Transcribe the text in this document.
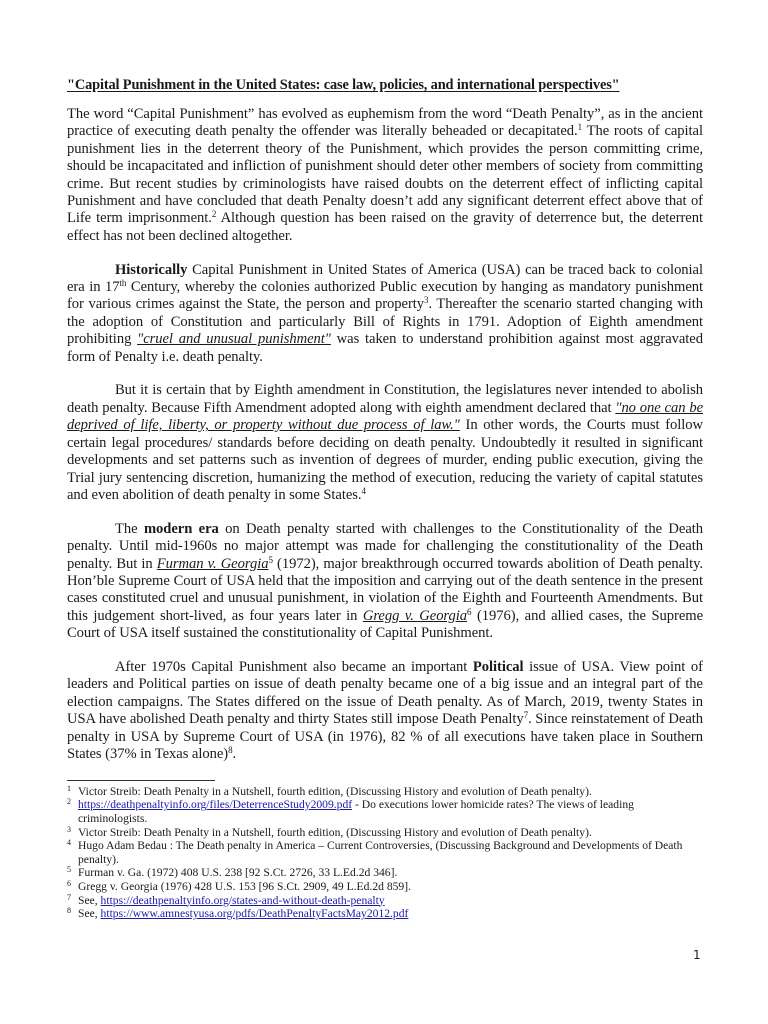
"Capital Punishment in the United States: case law, policies, and international perspectives"

The word “Capital Punishment” has evolved as euphemism from the word “Death Penalty”, as in the ancient practice of executing death penalty the offender was literally beheaded or decapitated.$^1$ The roots of capital punishment lies in the deterrent theory of the Punishment, which provides the person committing crime, should be incapacitated and infliction of punishment should deter other members of society from committing crime. But recent studies by criminologists have raised doubts on the deterrent effect of inflicting capital Punishment and have concluded that death Penalty doesn’t add any significant deterrent effect above that of Life term imprisonment.$^2$ Although question has been raised on the gravity of deterrence but, the deterrent effect has not been declined altogether.

Historically Capital Punishment in United States of America (USA) can be traced back to colonial era in 17th Century, whereby the colonies authorized Public execution by hanging as mandatory punishment for various crimes against the State, the person and property$^3$. Thereafter the scenario started changing with the adoption of Constitution and particularly Bill of Rights in 1791. Adoption of Eighth amendment prohibiting "cruel and unusual punishment" was taken to understand prohibition against most aggravated form of Penalty i.e. death penalty.

But it is certain that by Eighth amendment in Constitution, the legislatures never intended to abolish death penalty. Because Fifth Amendment adopted along with eighth amendment declared that "no one can be deprived of life, liberty, or property without due process of law." In other words, the Courts must follow certain legal procedures/ standards before deciding on death penalty. Undoubtedly it resulted in significant developments and set patterns such as invention of degrees of murder, ending public execution, giving the Trial jury sentencing discretion, humanizing the method of execution, reducing the variety of capital statutes and even abolition of death penalty in some States.$^4$

The modern era on Death penalty started with challenges to the Constitutionality of the Death penalty. Until mid-1960s no major attempt was made for challenging the constitutionality of the Death penalty. But in Furman v. Georgia$^5$ (1972), major breakthrough occurred towards abolition of Death penalty. Hon’ble Supreme Court of USA held that the imposition and carrying out of the death sentence in the present cases constituted cruel and unusual punishment, in violation of the Eighth and Fourteenth Amendments. But this judgement short-lived, as four years later in Gregg v. Georgia$^6$ (1976), and allied cases, the Supreme Court of USA itself sustained the constitutionality of Capital Punishment.

After 1970s Capital Punishment also became an important Political issue of USA. View point of leaders and Political parties on issue of death penalty became one of a big issue and an integral part of the election campaigns. The States differed on the issue of Death penalty. As of March, 2019, twenty States in USA have abolished Death penalty and thirty States still impose Death Penalty$^7$. Since reinstatement of Death penalty in USA by Supreme Court of USA (in 1976), 82 % of all executions have taken place in Southern States (37% in Texas alone)$^8$.

$^1$ Victor Streib: Death Penalty in a Nutshell, fourth edition, (Discussing History and evolution of Death penalty).

$^2$ https://deathpenaltyinfo.org/files/DeterrenceStudy2009.pdf - Do executions lower homicide rates? The views of leading criminologists.

$^3$ Victor Streib: Death Penalty in a Nutshell, fourth edition, (Discussing History and evolution of Death penalty).

$^4$ Hugo Adam Bedau : The Death penalty in America – Current Controversies, (Discussing Background and Developments of Death penalty).

$^5$ Furman v. Ga. (1972) 408 U.S. 238 [92 S.Ct. 2726, 33 L.Ed.2d 346].

$^6$ Gregg v. Georgia (1976) 428 U.S. 153 [96 S.Ct. 2909, 49 L.Ed.2d 859].

$^7$ See, https://deathpenaltyinfo.org/states-and-without-death-penalty

$^8$ See, https://www.amnestyusa.org/pdfs/DeathPenaltyFactsMay2012.pdf

1
